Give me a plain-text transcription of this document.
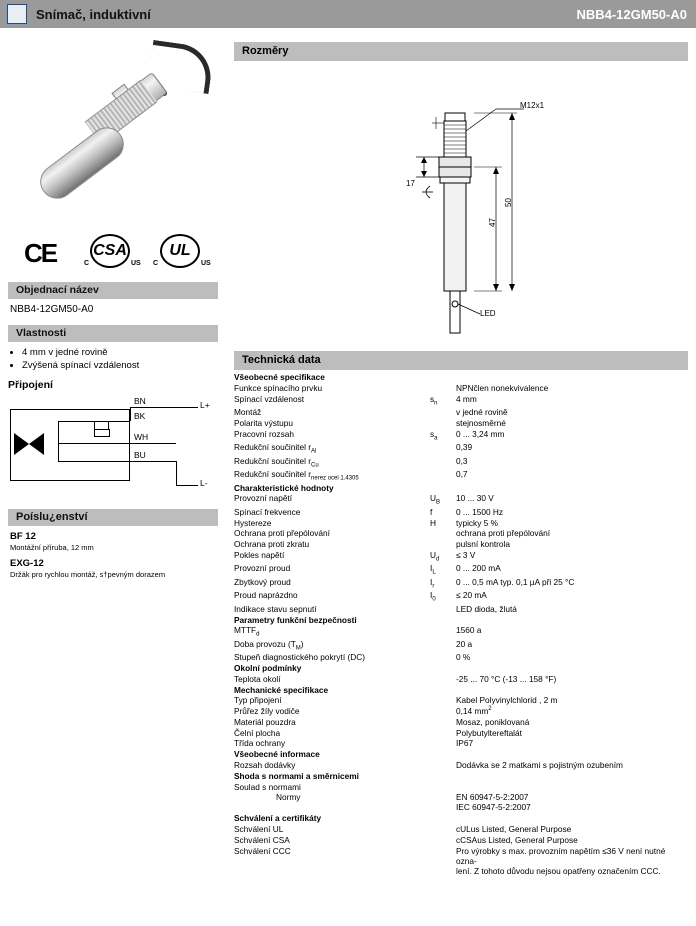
Snímač, induktivní	NBB4-12GM50-A0
CE CSA
C	US
UL
C	US
Objednací název
NBB4-12GM50-A0
Vlastnosti
• 4 mm v jedné rovině
• Zvýšená spínací vzdálenost
Připojení
BN
BK
WH
BU
L+
L-
Poíslu¿enství
BF 12
Montážní příruba, 12 mm
EXG-12
Držák pro rychlou montáž, s†pevným dorazem
Rozměry
M12x1
17
47
50
LED
Technická data
Všeobecné specifikace		
Funkce spínacího prvku		NPNčlen nonekvivalence
Spínací vzdálenost	$s_n$	4 mm
Montáž		v jedné rovině
Polarita výstupu		stejnosměrné
Pracovní rozsah	$s_a$	0 ... 3,24 mm
Redukční součinitel $r_{Al}$		0,39
Redukční součinitel $r_{Cu}$		0,3
Redukční součinitel $r_{nerez ocel 1.4305}$		0,7
Charakteristické hodnoty		
Provozní napětí	$U_B$	10 ... 30 V
Spínací frekvence	f	0 ... 1500 Hz
Hystereze	H	typicky 5 %
Ochrana proti přepólování		ochrana proti přepólování
Ochrana proti zkratu		pulsní kontrola
Pokles napětí	$U_d$	≤ 3 V
Provozní proud	$I_L$	0 ... 200 mA
Zbytkový proud	$I_r$	0 ... 0,5 mA typ. 0,1 µA při 25 °C
Proud naprázdno	$I_0$	≤ 20 mA
Indikace stavu sepnutí		LED dioda, žlutá
Parametry funkční bezpečnosti		
$MTTF_d$		1560 a
Doba provozu $(T_M)$		20 a
Stupeň diagnostického pokrytí (DC)		0 %
Okolní podmínky		
Teplota okolí		-25 ... 70 °C (-13 ... 158 °F)
Mechanické specifikace		
Typ připojení		Kabel Polyvinylchlorid , 2 m
Průřez žíly vodiče		0,14 $mm^2$
Materiál pouzdra		Mosaz, poniklovaná
Čelní plocha		Polybutyltereftalát
Třída ochrany		IP67
Všeobecné informace		
Rozsah dodávky		Dodávka se 2 matkami s pojistným ozubením
Shoda s normami a směrnicemi		
Soulad s normami		
Normy		EN 60947-5-2:2007
IEC 60947-5-2:2007
Schválení a certifikáty		
Schválení UL		cULus Listed, General Purpose
Schválení CSA		cCSAus Listed, General Purpose
Schválení CCC		Pro výrobky s max. provozním napětím ≤36 V není nutné ozna-
lení. Z tohoto důvodu nejsou opatřeny označením CCC.
